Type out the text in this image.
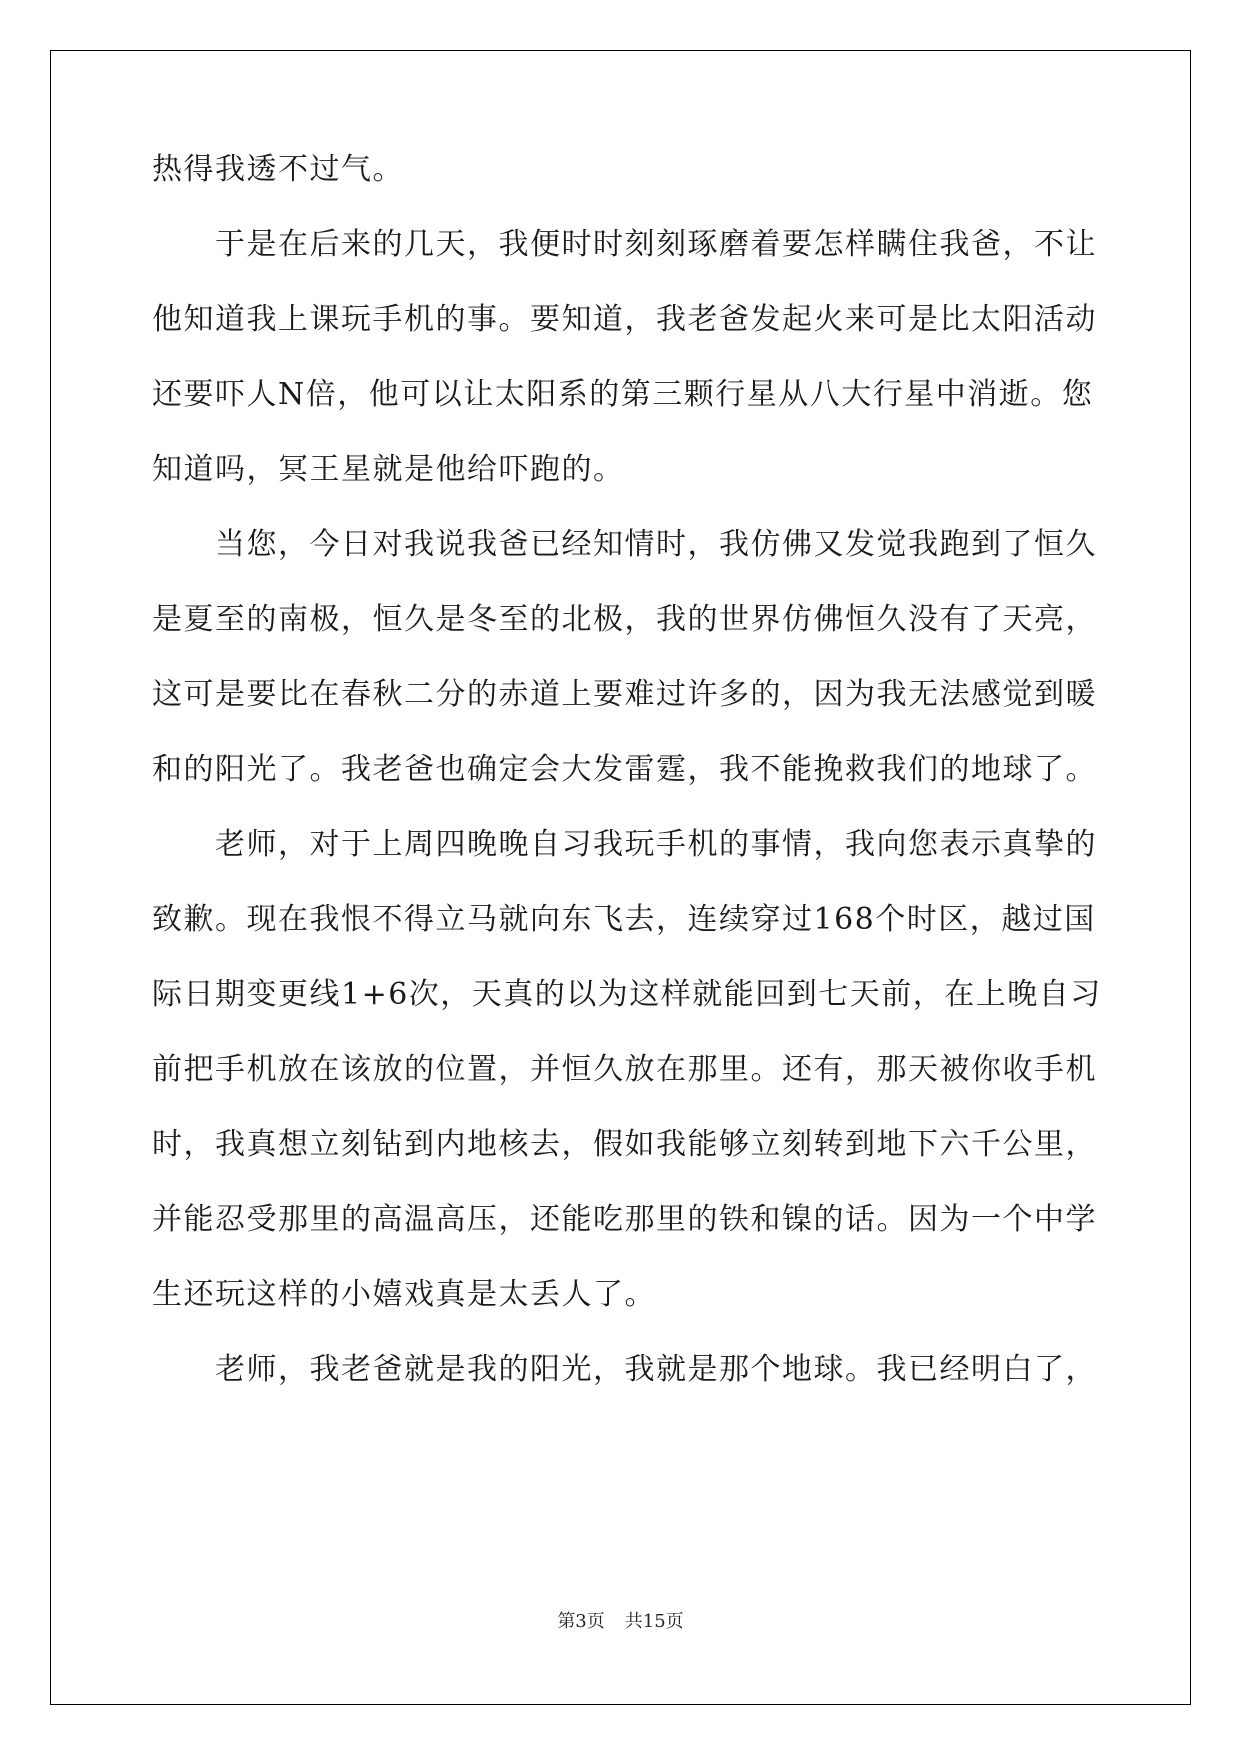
热得我透不过气。
　　于是在后来的几天，我便时时刻刻琢磨着要怎样瞒住我爸，不让
他知道我上课玩手机的事。要知道，我老爸发起火来可是比太阳活动
还要吓人N倍，他可以让太阳系的第三颗行星从八大行星中消逝。您
知道吗，冥王星就是他给吓跑的。
　　当您，今日对我说我爸已经知情时，我仿佛又发觉我跑到了恒久
是夏至的南极，恒久是冬至的北极，我的世界仿佛恒久没有了天亮，
这可是要比在春秋二分的赤道上要难过许多的，因为我无法感觉到暖
和的阳光了。我老爸也确定会大发雷霆，我不能挽救我们的地球了。
　　老师，对于上周四晚晚自习我玩手机的事情，我向您表示真挚的
致歉。现在我恨不得立马就向东飞去，连续穿过168个时区，越过国
际日期变更线1+6次，天真的以为这样就能回到七天前，在上晚自习
前把手机放在该放的位置，并恒久放在那里。还有，那天被你收手机
时，我真想立刻钻到内地核去，假如我能够立刻转到地下六千公里，
并能忍受那里的高温高压，还能吃那里的铁和镍的话。因为一个中学
生还玩这样的小嬉戏真是太丢人了。
　　老师，我老爸就是我的阳光，我就是那个地球。我已经明白了，
第3页 共15页
